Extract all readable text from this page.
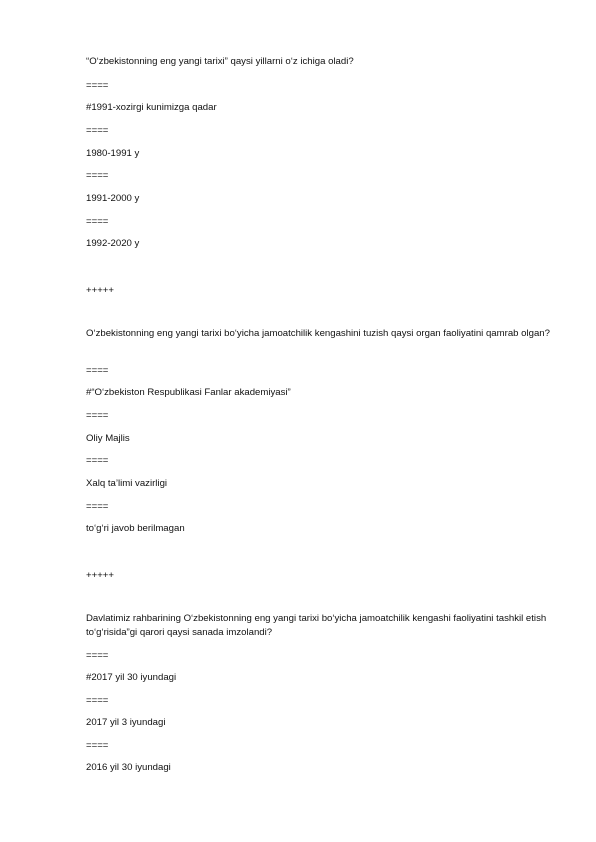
“O‘zbekistonning eng yangi tarixi” qaysi yillarni o‘z ichiga oladi?
====
#1991-xozirgi kunimizga qadar
====
1980-1991 y
====
1991-2000 y
====
1992-2020 y
+++++
O‘zbekistonning eng yangi tarixi bo‘yicha jamoatchilik kengashini tuzish qaysi organ faoliyatini qamrab olgan?
====
#“O‘zbekiston Respublikasi Fanlar akademiyasi”
====
Oliy Majlis
====
Xalq ta’limi vazirligi
====
to‘g‘ri javob berilmagan
+++++
Davlatimiz rahbarining O‘zbekistonning eng yangi tarixi bo‘yicha jamoatchilik kengashi faoliyatini tashkil etish to‘g‘risida”gi qarori qaysi sanada imzolandi?
====
#2017 yil 30 iyundagi
====
2017 yil 3 iyundagi
====
2016 yil 30 iyundagi
